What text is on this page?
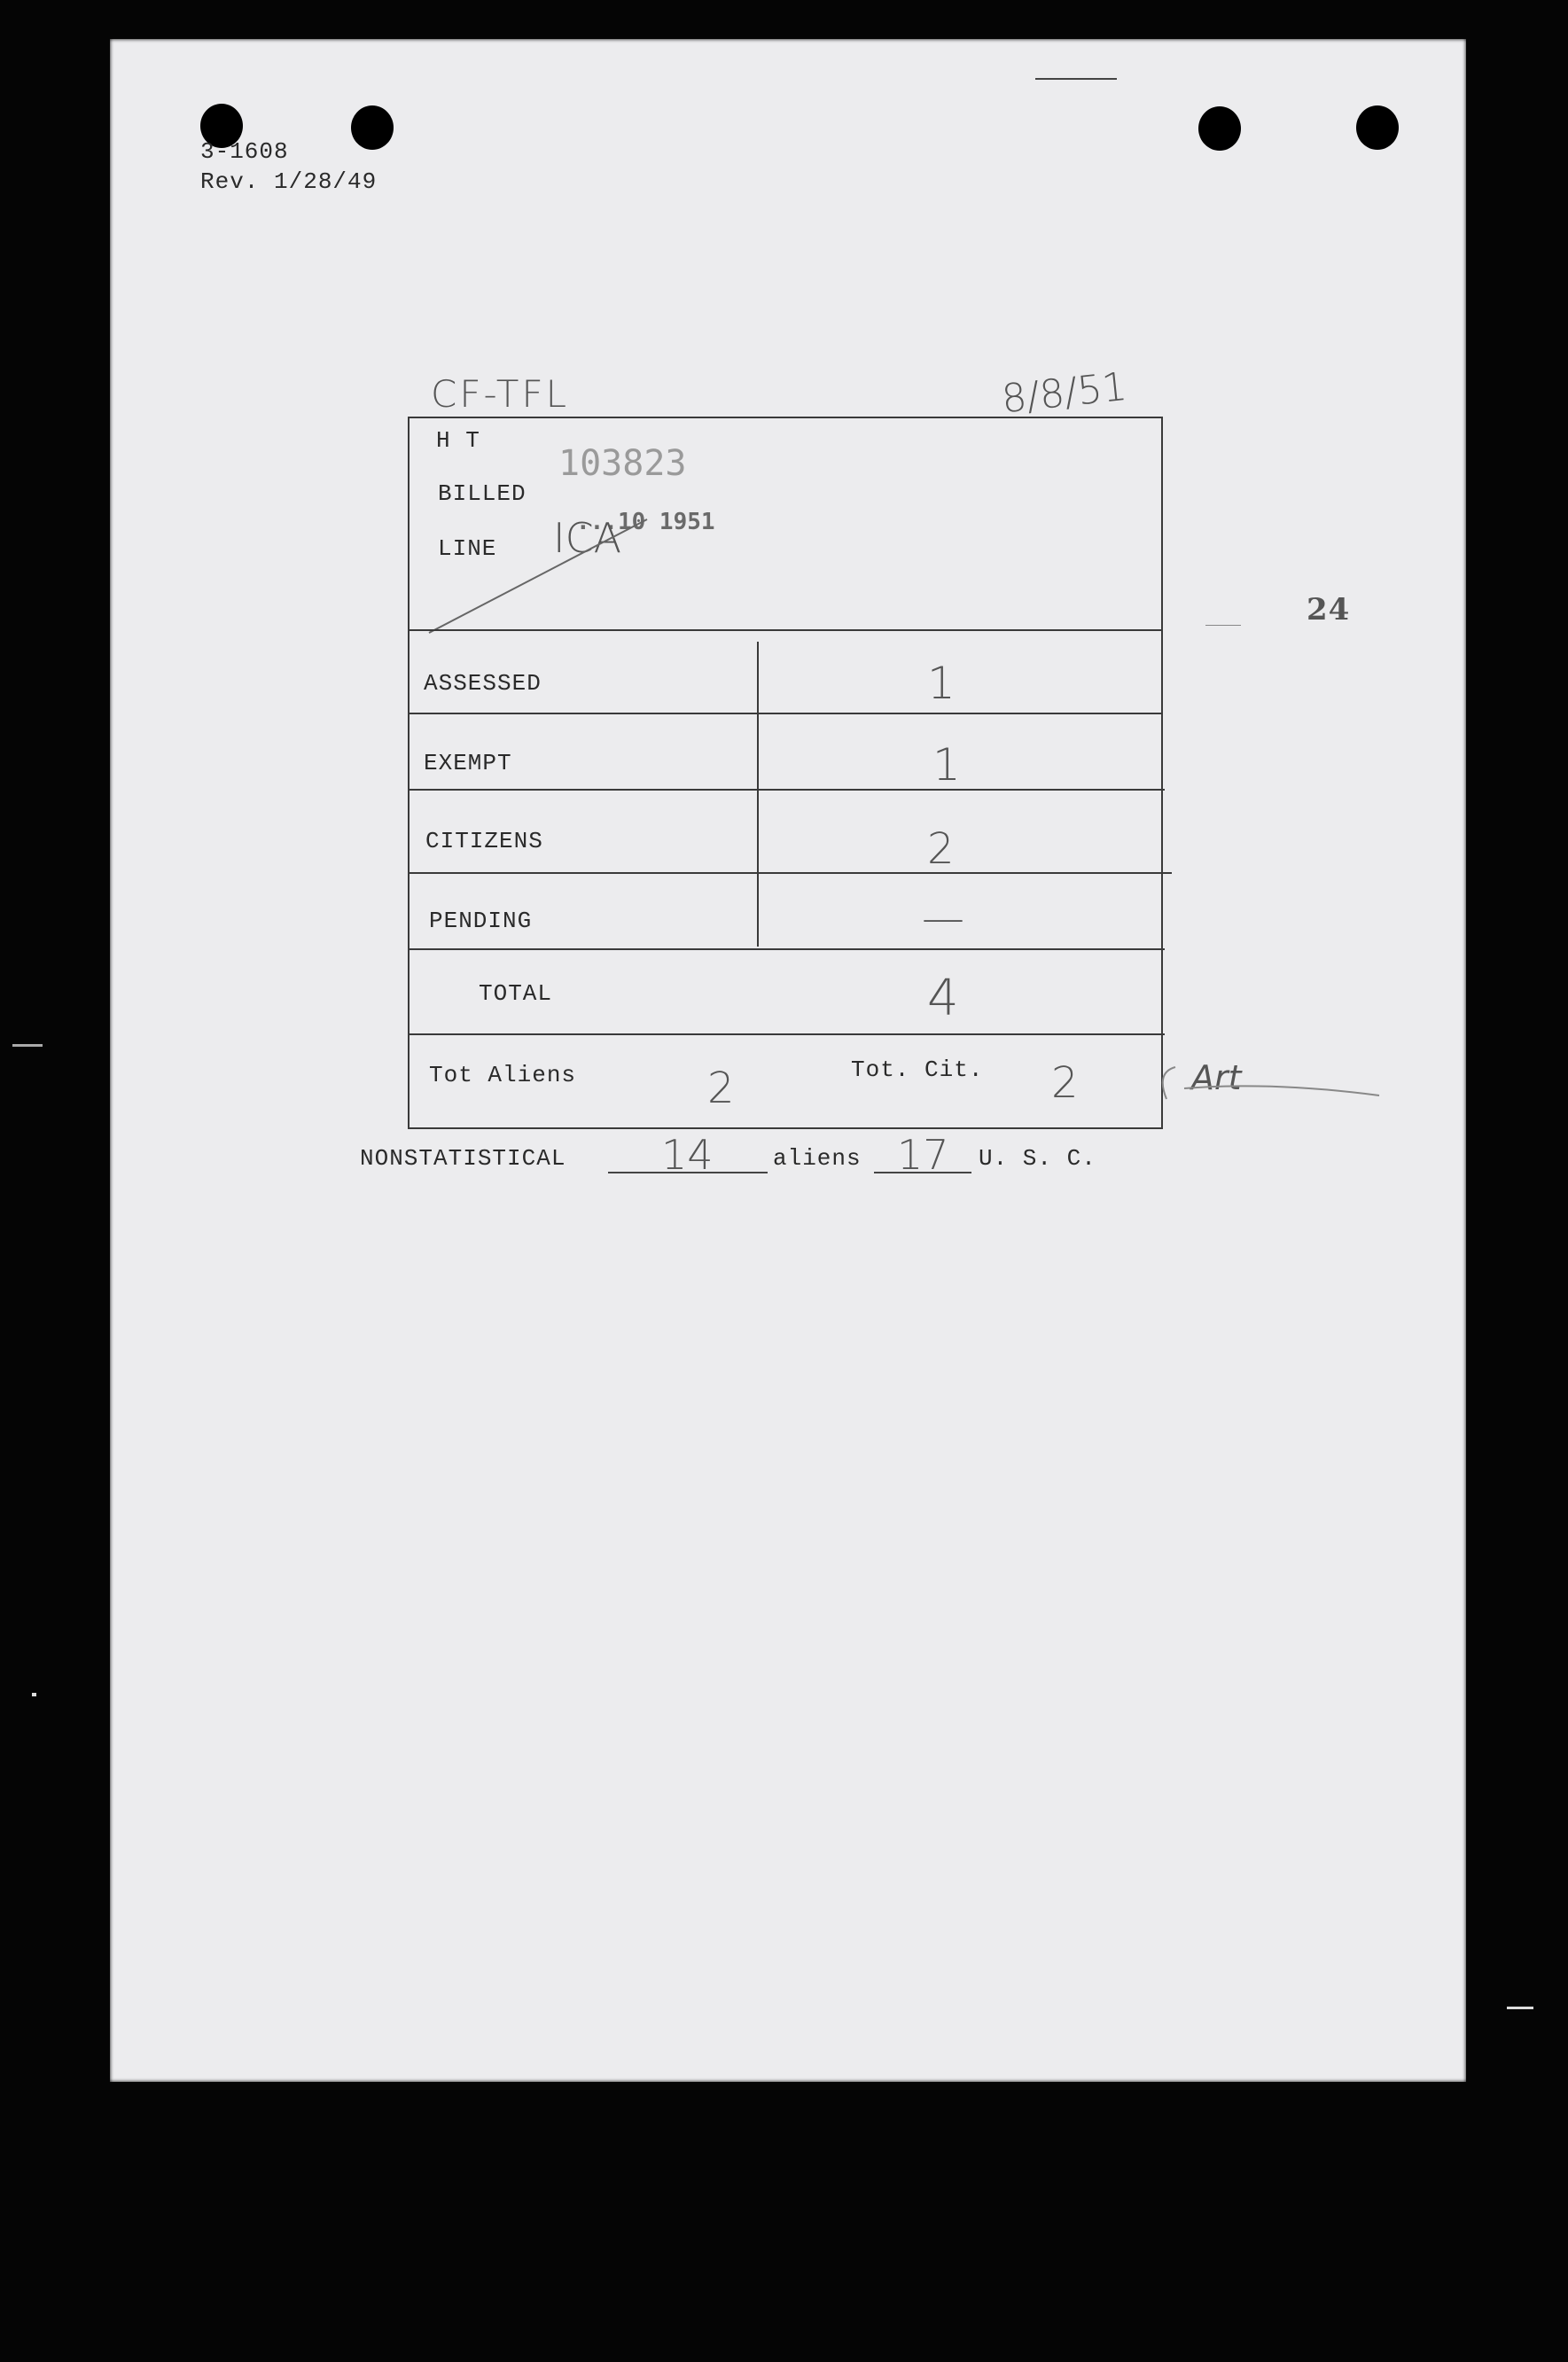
3-1608
Rev. 1/28/49
CF-TFL	8/8/51
H T
BILLED
LINE
103823
...10 1951
ICA
24
ASSESSED	1
EXEMPT	1
CITIZENS	2
PENDING	—
TOTAL	4
Tot Aliens	2	Tot. Cit. 2	Art
NONSTATISTICAL 14	aliens 17 U. S. C.
